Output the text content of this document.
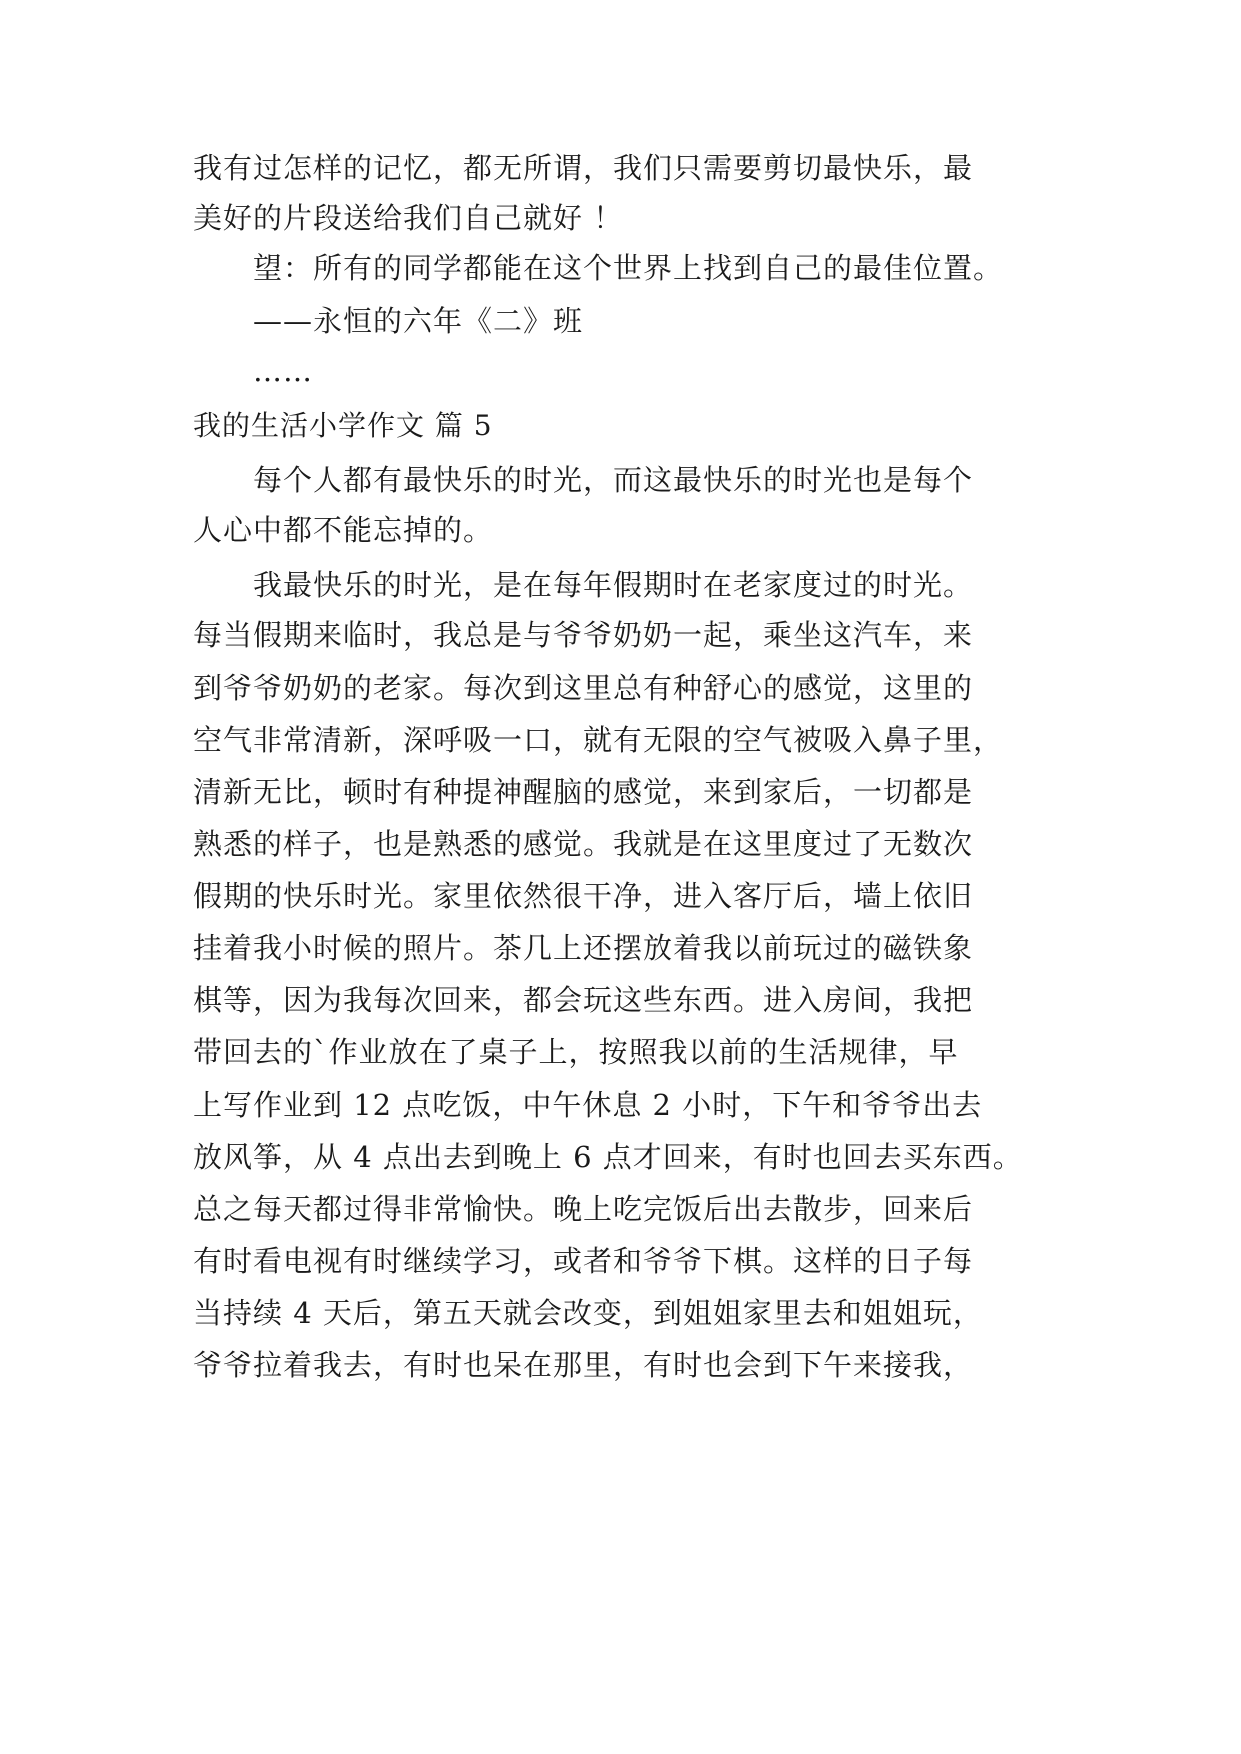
我有过怎样的记忆，都无所谓，我们只需要剪切最快乐，最
美好的片段送给我们自己就好 ！
望：所有的同学都能在这个世界上找到自己的最佳位置。
——永恒的六年《二》班
……
我的生活小学作文 篇 5
每个人都有最快乐的时光，而这最快乐的时光也是每个
人心中都不能忘掉的。
我最快乐的时光，是在每年假期时在老家度过的时光。
每当假期来临时，我总是与爷爷奶奶一起，乘坐这汽车，来
到爷爷奶奶的老家。每次到这里总有种舒心的感觉，这里的
空气非常清新，深呼吸一口，就有无限的空气被吸入鼻子里，
清新无比，顿时有种提神醒脑的感觉，来到家后，一切都是
熟悉的样子，也是熟悉的感觉。我就是在这里度过了无数次
假期的快乐时光。家里依然很干净，进入客厅后，墙上依旧
挂着我小时候的照片。茶几上还摆放着我以前玩过的磁铁象
棋等，因为我每次回来，都会玩这些东西。进入房间，我把
带回去的`作业放在了桌子上，按照我以前的生活规律，早
上写作业到 12 点吃饭，中午休息 2 小时，下午和爷爷出去
放风筝，从 4 点出去到晚上 6 点才回来，有时也回去买东西。
总之每天都过得非常愉快。晚上吃完饭后出去散步，回来后
有时看电视有时继续学习，或者和爷爷下棋。这样的日子每
当持续 4 天后，第五天就会改变，到姐姐家里去和姐姐玩，
爷爷拉着我去，有时也呆在那里，有时也会到下午来接我，
